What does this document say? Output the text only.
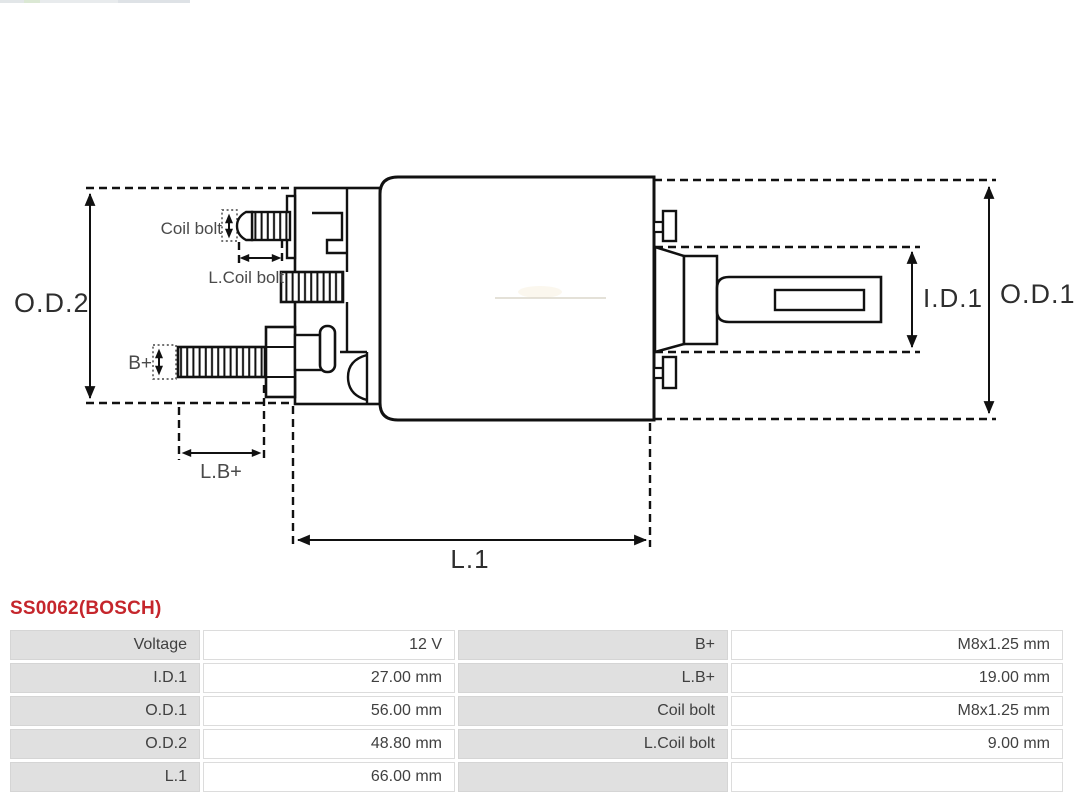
O.D.2	O.D.1
I.D.1
L.1
L.B+
B+
Coil bolt
L.Coil bolt
SS0062(BOSCH)
Voltage	12 V	B+	M8x1.25 mm
I.D.1	27.00 mm	L.B+	19.00 mm
O.D.1	56.00 mm	Coil bolt	M8x1.25 mm
O.D.2	48.80 mm	L.Coil bolt	9.00 mm
L.1	66.00 mm
